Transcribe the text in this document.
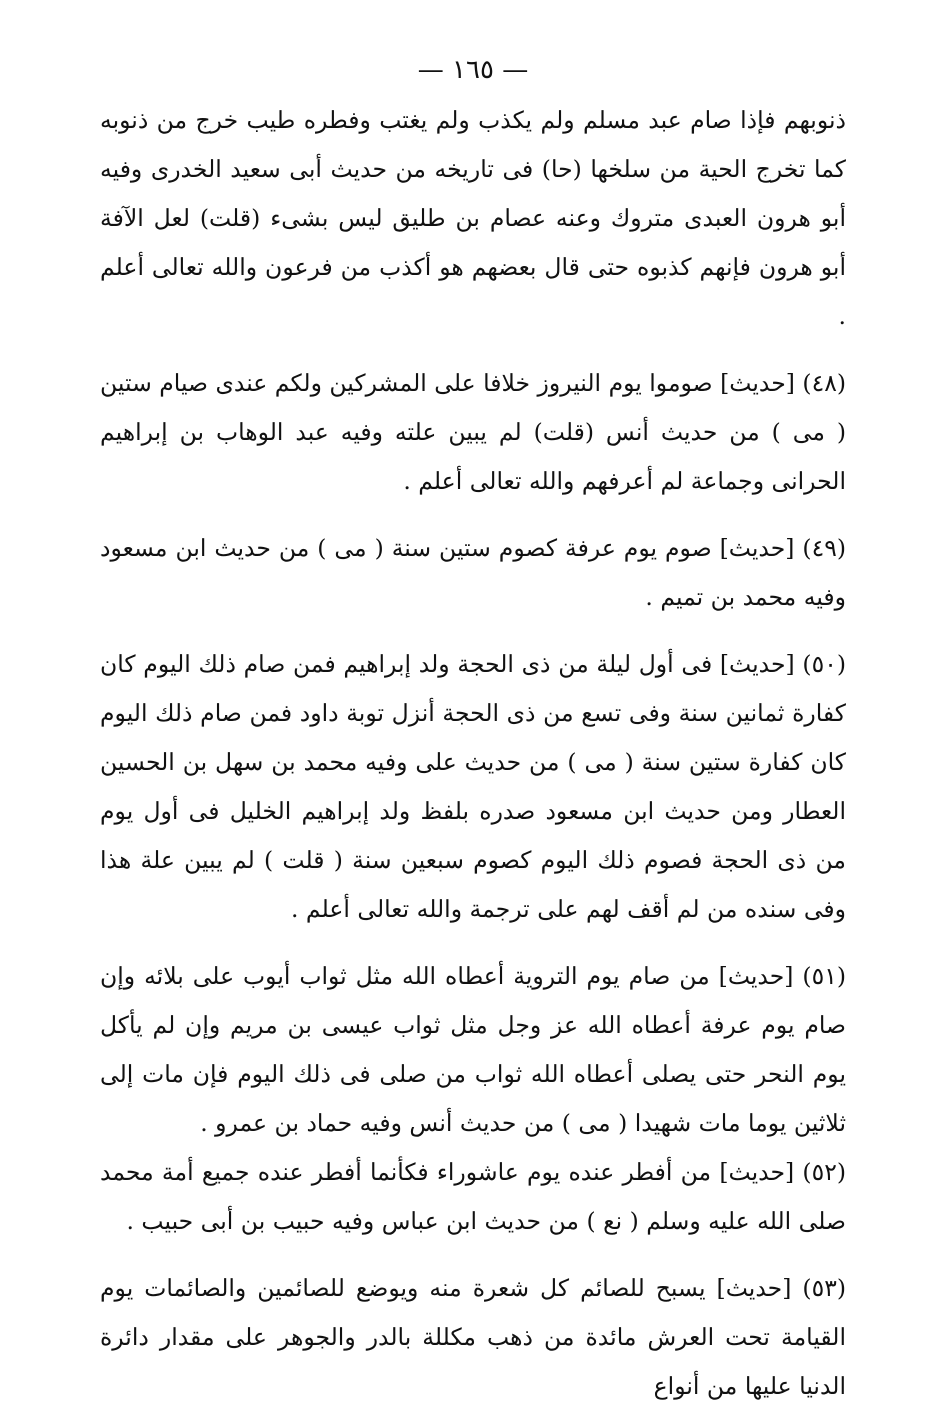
— ١٦٥ —

ذنوبهم فإذا صام عبد مسلم ولم يكذب ولم يغتب وفطره طيب خرج من ذنوبه كما تخرج الحية من سلخها (حا) فى تاريخه من حديث أبى سعيد الخدرى وفيه أبو هرون العبدى متروك وعنه عصام بن طليق ليس بشىء (قلت) لعل الآفة أبو هرون فإنهم كذبوه حتى قال بعضهم هو أكذب من فرعون والله تعالى أعلم .

(٤٨) [حديث] صوموا يوم النيروز خلافا على المشركين ولكم عندى صيام ستين ( مى ) من حديث أنس (قلت) لم يبين علته وفيه عبد الوهاب بن إبراهيم الحرانى وجماعة لم أعرفهم والله تعالى أعلم .

(٤٩) [حديث] صوم يوم عرفة كصوم ستين سنة ( مى ) من حديث ابن مسعود وفيه محمد بن تميم .

(٥٠) [حديث] فى أول ليلة من ذى الحجة ولد إبراهيم فمن صام ذلك اليوم كان كفارة ثمانين سنة وفى تسع من ذى الحجة أنزل توبة داود فمن صام ذلك اليوم كان كفارة ستين سنة ( مى ) من حديث على وفيه محمد بن سهل بن الحسين العطار ومن حديث ابن مسعود صدره بلفظ ولد إبراهيم الخليل فى أول يوم من ذى الحجة فصوم ذلك اليوم كصوم سبعين سنة ( قلت ) لم يبين علة هذا وفى سنده من لم أقف لهم على ترجمة والله تعالى أعلم .

(٥١) [حديث] من صام يوم التروية أعطاه الله مثل ثواب أيوب على بلائه وإن صام يوم عرفة أعطاه الله عز وجل مثل ثواب عيسى بن مريم وإن لم يأكل يوم النحر حتى يصلى أعطاه الله ثواب من صلى فى ذلك اليوم فإن مات إلى ثلاثين يوما مات شهيدا ( مى ) من حديث أنس وفيه حماد بن عمرو .

(٥٢) [حديث] من أفطر عنده يوم عاشوراء فكأنما أفطر عنده جميع أمة محمد صلى الله عليه وسلم ( نع ) من حديث ابن عباس وفيه حبيب بن أبى حبيب .

(٥٣) [حديث] يسبح للصائم كل شعرة منه ويوضع للصائمين والصائمات يوم القيامة تحت العرش مائدة من ذهب مكللة بالدر والجوهر على مقدار دائرة الدنيا عليها من أنواع
